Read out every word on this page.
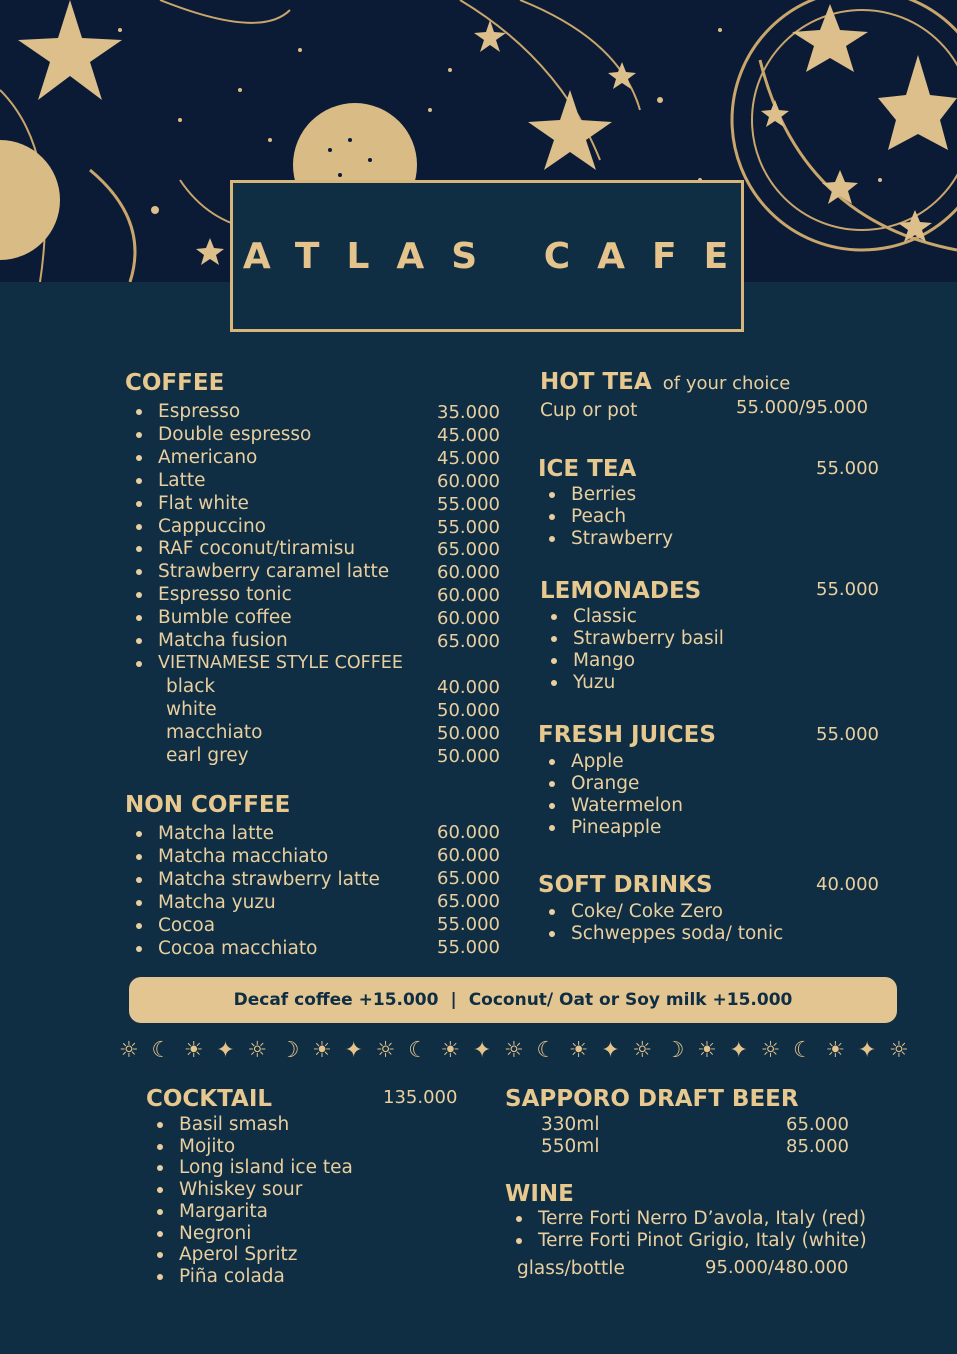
ATLAS CAFE
COFFEE
Espresso	35.000
Double espresso	45.000
Americano	45.000
Latte	60.000
Flat white	55.000
Cappuccino	55.000
RAF coconut/tiramisu	65.000
Strawberry caramel latte	60.000
Espresso tonic	60.000
Bumble coffee	60.000
Matcha fusion	65.000
VIETNAMESE STYLE COFFEE
black	40.000
white	50.000
macchiato	50.000
earl grey	50.000
NON COFFEE
Matcha latte	60.000
Matcha macchiato	60.000
Matcha strawberry latte	65.000
Matcha yuzu	65.000
Cocoa	55.000
Cocoa macchiato	55.000
HOT TEA of your choice
Cup or pot	55.000/95.000
ICE TEA	55.000
Berries
Peach
Strawberry
LEMONADES	55.000
Classic
Strawberry basil
Mango
Yuzu
FRESH JUICES	55.000
Apple
Orange
Watermelon
Pineapple
SOFT DRINKS	40.000
Coke/ Coke Zero
Schweppes soda/ tonic
Decaf coffee +15.000 | Coconut/ Oat or Soy milk +15.000
☼ ☾ ☀ ✦ ☼ ☽ ☀ ✦ ☼ ☾ ☀ ✦ ☼ ☾ ☀ ✦ ☼ ☽ ☀ ✦ ☼ ☾ ☀ ✦ ☼
COCKTAIL	135.000
Basil smash
Mojito
Long island ice tea
Whiskey sour
Margarita
Negroni
Aperol Spritz
Piña colada
SAPPORO DRAFT BEER
330ml	65.000
550ml	85.000
WINE
Terre Forti Nerro D’avola, Italy (red)
Terre Forti Pinot Grigio, Italy (white)
glass/bottle	95.000/480.000
